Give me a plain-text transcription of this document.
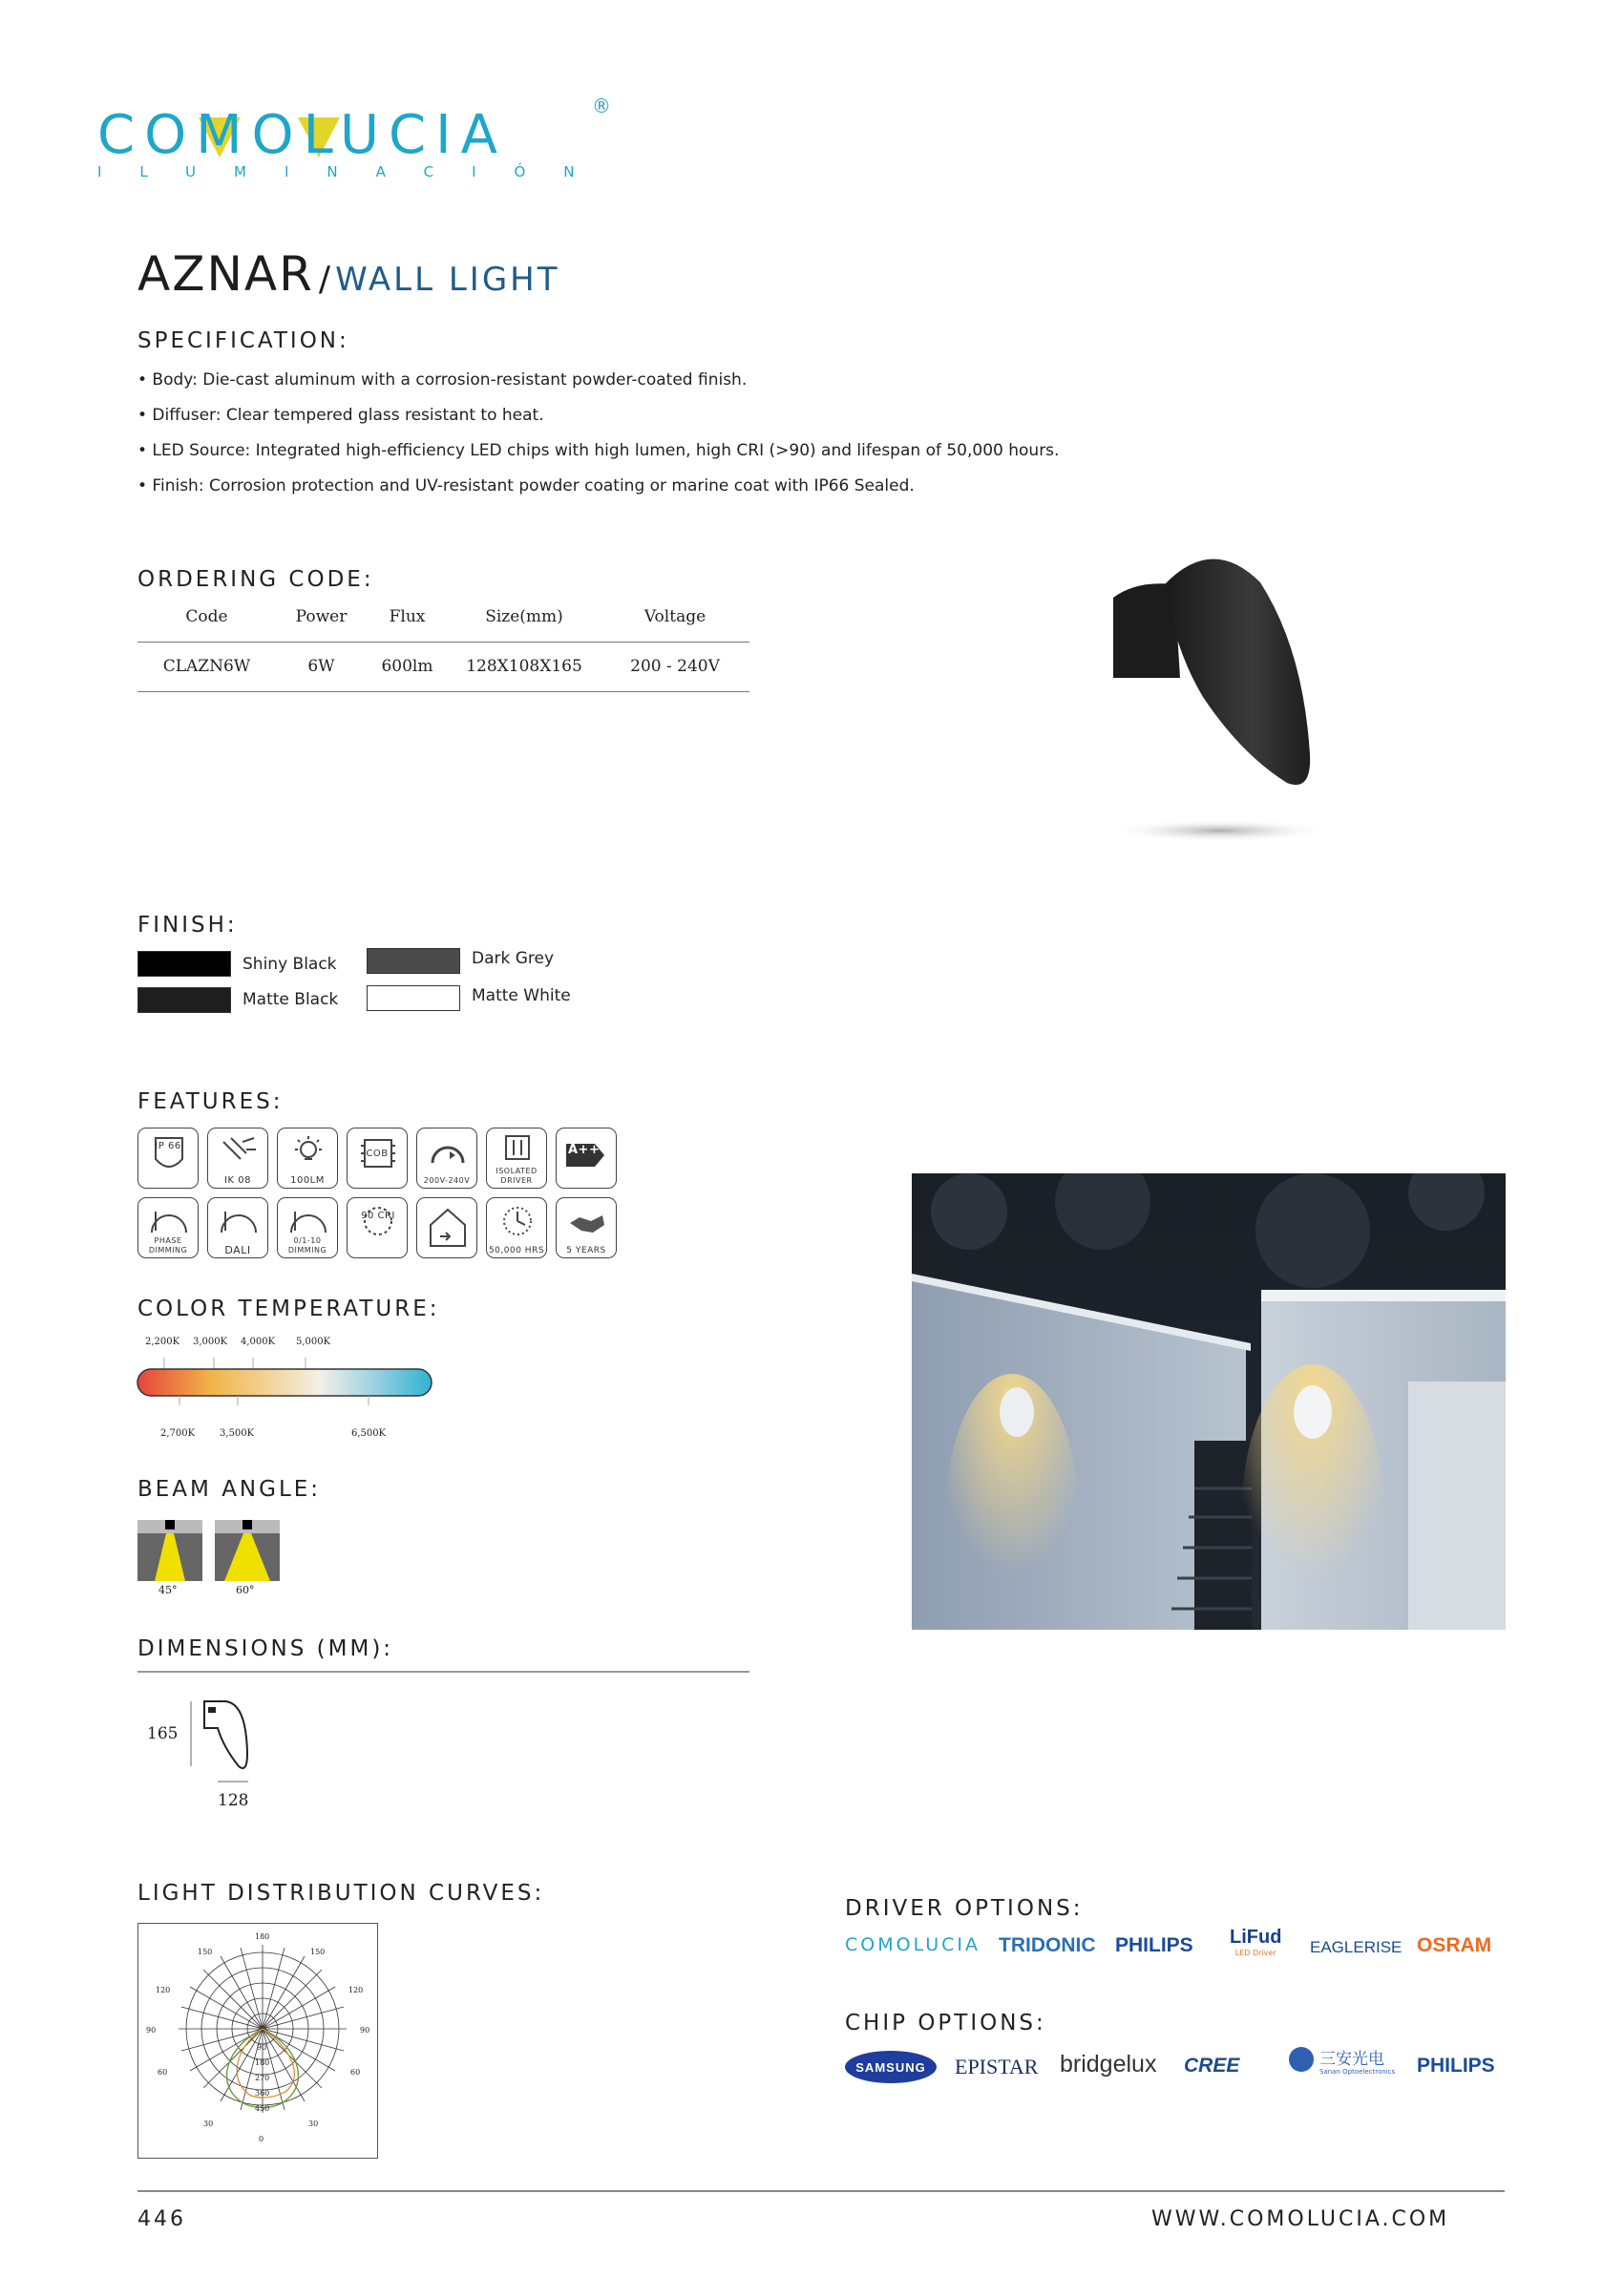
COMOLUCIA	®
ILUMINACIÓN
AZNAR / WALL LIGHT
SPECIFICATION:
• Body: Die-cast aluminum with a corrosion-resistant powder-coated finish.
• Diffuser: Clear tempered glass resistant to heat.
• LED Source: Integrated high-efficiency LED chips with high lumen, high CRI (>90) and lifespan of 50,000 hours.
• Finish: Corrosion protection and UV-resistant powder coating or marine coat with IP66 Sealed.
ORDERING CODE:
Code	Power	Flux	Size(mm)	Voltage
CLAZN6W	6W	600lm	128X108X165	200 - 240V
FINISH:
Shiny Black	Dark Grey
Matte Black	Matte White
FEATURES:
IP 66
IK 08	100LM
COB
200V-240V
ISOLATED DRIVER
A++
PHASE DIMMING	DALI
0/1-10 DIMMING
90 CRI
50,000 HRS	5 YEARS
COLOR TEMPERATURE:
2,200K 3,000K 4,000K 5,000K
2,700K	3,500K	6,500K
BEAM ANGLE:
45°	60°
DIMENSIONS (MM):
165
128
LIGHT DISTRIBUTION CURVES:
180
150	150
120	120
90	90
60	60
30	30
0
90
180
270
360
450
DRIVER OPTIONS:
COMOLUCIA TRIDONIC PHILIPS LiFud
LED Driver	EAGLERISE OSRAM
CHIP OPTIONS:
SAMSUNG EPISTAR bridgelux CREE	三安光电
Sanan Optoelectronics PHILIPS
446	WWW.COMOLUCIA.COM
